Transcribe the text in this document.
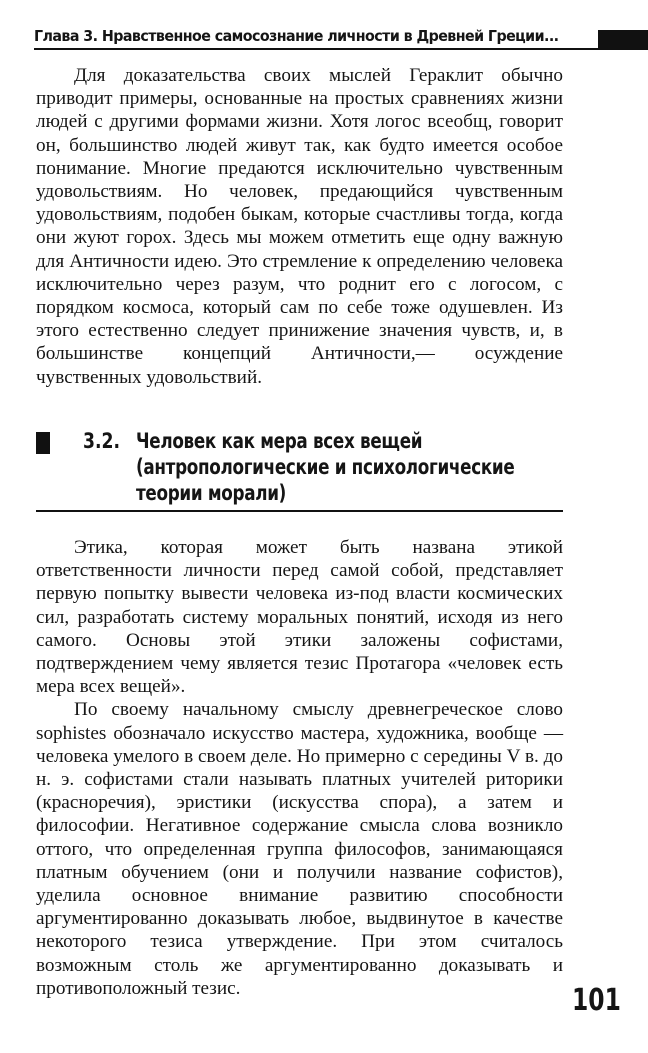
Глава 3. Нравственное самосознание личности в Древней Греции...

Для доказательства своих мыслей Гераклит обычно приводит примеры, основанные на простых сравнениях жизни людей с другими формами жизни. Хотя логос всеобщ, говорит он, большинство людей живут так, как будто имеется особое понимание. Многие предаются исключительно чувственным удовольствиям. Но человек, предающийся чувственным удовольствиям, подобен быкам, которые счастливы тогда, когда они жуют горох. Здесь мы можем отметить еще одну важную для Античности идею. Это стремление к определению человека исключительно через разум, что роднит его с логосом, с порядком космоса, который сам по себе тоже одушевлен. Из этого естественно следует принижение значения чувств, и, в большинстве концепций Античности,— осуждение чувственных удовольствий.

3.2. Человек как мера всех вещей
(антропологические и психологические
теории морали)

Этика, которая может быть названа этикой ответственности личности перед самой собой, представляет первую попытку вывести человека из-под власти космических сил, разработать систему моральных понятий, исходя из него самого. Основы этой этики заложены софистами, подтверждением чему является тезис Протагора «человек есть мера всех вещей».

По своему начальному смыслу древнегреческое слово sophistes обозначало искусство мастера, художника, вообще — человека умелого в своем деле. Но примерно с середины V в. до н. э. софистами стали называть платных учителей риторики (красноречия), эристики (искусства спора), а затем и философии. Негативное содержание смысла слова возникло оттого, что определенная группа философов, занимающаяся платным обучением (они и получили название софистов), уделила основное внимание развитию способности аргументированно доказывать любое, выдвинутое в качестве некоторого тезиса утверждение. При этом считалось возможным столь же аргументированно доказывать и противоположный тезис.	101
